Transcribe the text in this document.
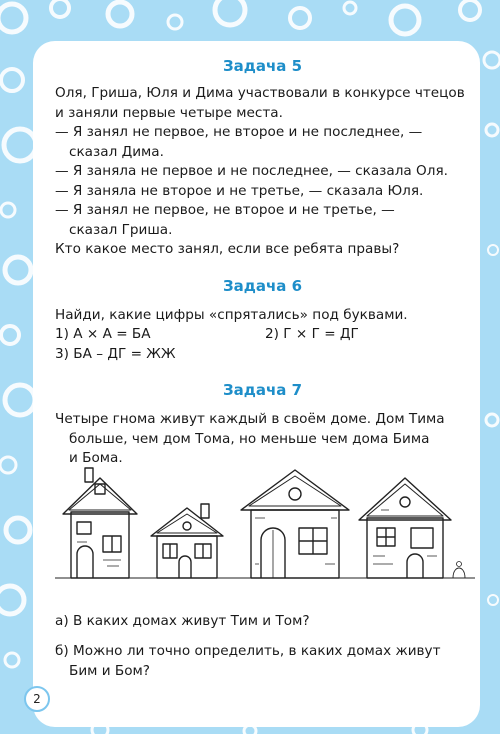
Задача 5
Оля, Гриша, Юля и Дима участвовали в конкурсе чтецов
и заняли первые четыре места.
— Я занял не первое, не второе и не последнее, —
сказал Дима.
— Я заняла не первое и не последнее, — сказала Оля.
— Я заняла не второе и не третье, — сказала Юля.
— Я занял не первое, не второе и не третье, —
сказал Гриша.
Кто какое место занял, если все ребята правы?
Задача 6
Найди, какие цифры «спрятались» под буквами.
1) А × А = БА	2) Г × Г = ДГ
3) БА – ДГ = ЖЖ
Задача 7
Четыре гнома живут каждый в своём доме. Дом Тима
больше, чем дом Тома, но меньше чем дома Бима
и Бома.
а) В каких домах живут Тим и Том?
б) Можно ли точно определить, в каких домах живут
Бим и Бом?
2
